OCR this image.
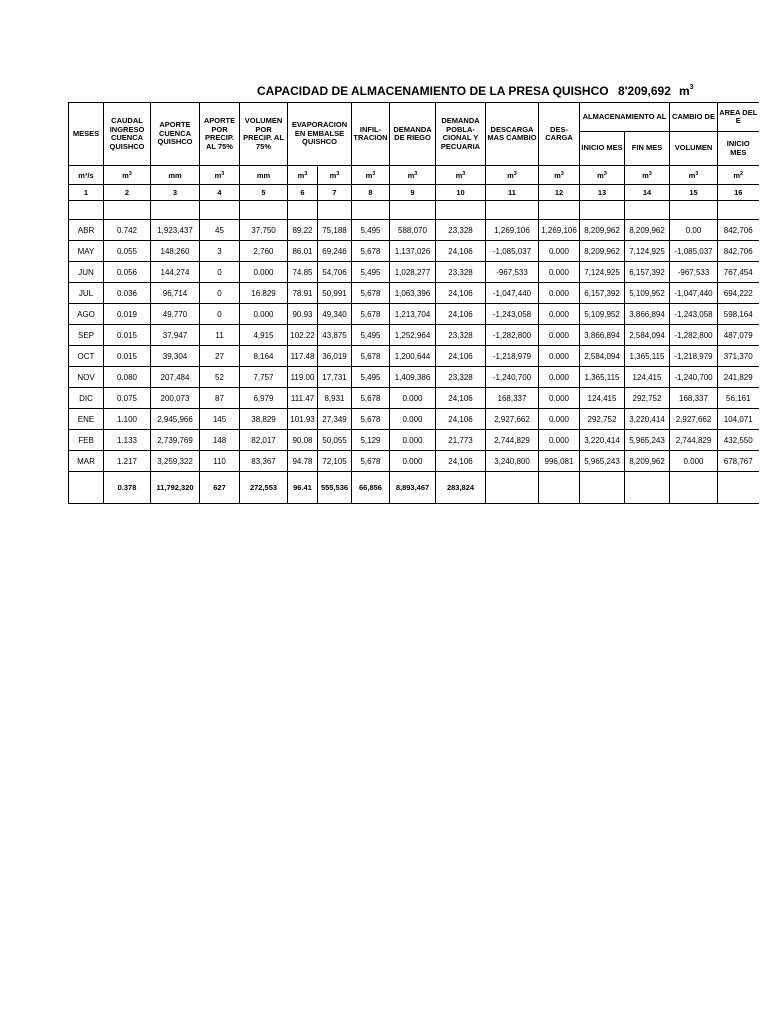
CAPACIDAD DE ALMACENAMIENTO DE LA PRESA QUISHCO 8'209,692 $m^3$
MESES	CAUDAL INGRESO CUENCA QUISHCO	APORTE CUENCA QUISHCO	APORTE POR PRECIP. AL 75%	VOLUMEN POR PRECIP. AL 75%	EVAPORACION EN EMBALSE QUISHCO		INFIL-TRACION	DEMANDA DE RIEGO	DEMANDA POBLA-CIONAL Y PECUARIA	DESCARGA MAS CAMBIO	DES-CARGA	ALMACENAMIENTO AL		CAMBIO DE	AREA DEL E
												INICIO MES	FIN MES	VOLUMEN	INICIO MES
m³/s	$m^3$	mm	$m^3$	mm	$m^3$	$m^3$	$m^3$	$m^3$	$m^3$	$m^3$	$m^3$	$m^3$	$m^3$	$m^3$	$m^2$
1	2	3	4	5	6	7	8	9	10	11	12	13	14	15	16

ABR	0.742	1,923,437	45	37,750	89.22	75,188	5,495	588,070	23,328	1,269,106	1,269,106	8,209,962	8,209,962	0.00	842,706
MAY	0.055	148,260	3	2,760	86.01	69,246	5,678	1,137,026	24,106	-1,085,037	0.000	8,209,962	7,124,925	-1,085,037	842,706
JUN	0.056	144,274	0	0.000	74.85	54,706	5,495	1,028,277	23,328	-967,533	0.000	7,124,925	6,157,392	-967,533	767,454
JUL	0.036	96,714	0	16.829	78.91	50,991	5,678	1,063,396	24,106	-1,047,440	0.000	6,157,392	5,109,952	-1,047,440	694,222
AGO	0.019	49,770	0	0.000	90.93	49,340	5,678	1,213,704	24,106	-1,243,058	0.000	5,109,952	3,866,894	-1,243,058	598,164
SEP	0.015	37,947	11	4,915	102.22	43,875	5,495	1,252,964	23,328	-1,282,800	0.000	3,866,894	2,584,094	-1,282,800	487,079
OCT	0.015	39,304	27	8,164	117.48	36,019	5,678	1,200,644	24,106	-1,218,979	0.000	2,584,094	1,365,115	-1,218,979	371,370
NOV	0.080	207,484	52	7,757	119.00	17,731	5,495	1,409,386	23,328	-1,240,700	0.000	1,365,115	124,415	-1,240,700	241,829
DIC	0.075	200,073	87	6,979	111.47	8,931	5,678	0.000	24,106	168,337	0.000	124,415	292,752	168,337	56,161
ENE	1.100	2,945,966	145	38,829	101.93	27,349	5,678	0.000	24,106	2,927,662	0.000	292,752	3,220,414	2,927,662	104,071
FEB	1.133	2,739,769	148	82,017	90.08	50,055	5,129	0.000	21,773	2,744,829	0.000	3,220,414	5,965,243	2,744,829	432,550
MAR	1.217	3,259,322	110	83,367	94.78	72,105	5,678	0.000	24,106	3,240,800	996,081	5,965,243	8,209,962	0.000	678,767
	0.378	11,792,320	627	272,553	96.41	555,536	66,856	8,893,467	283,824						
